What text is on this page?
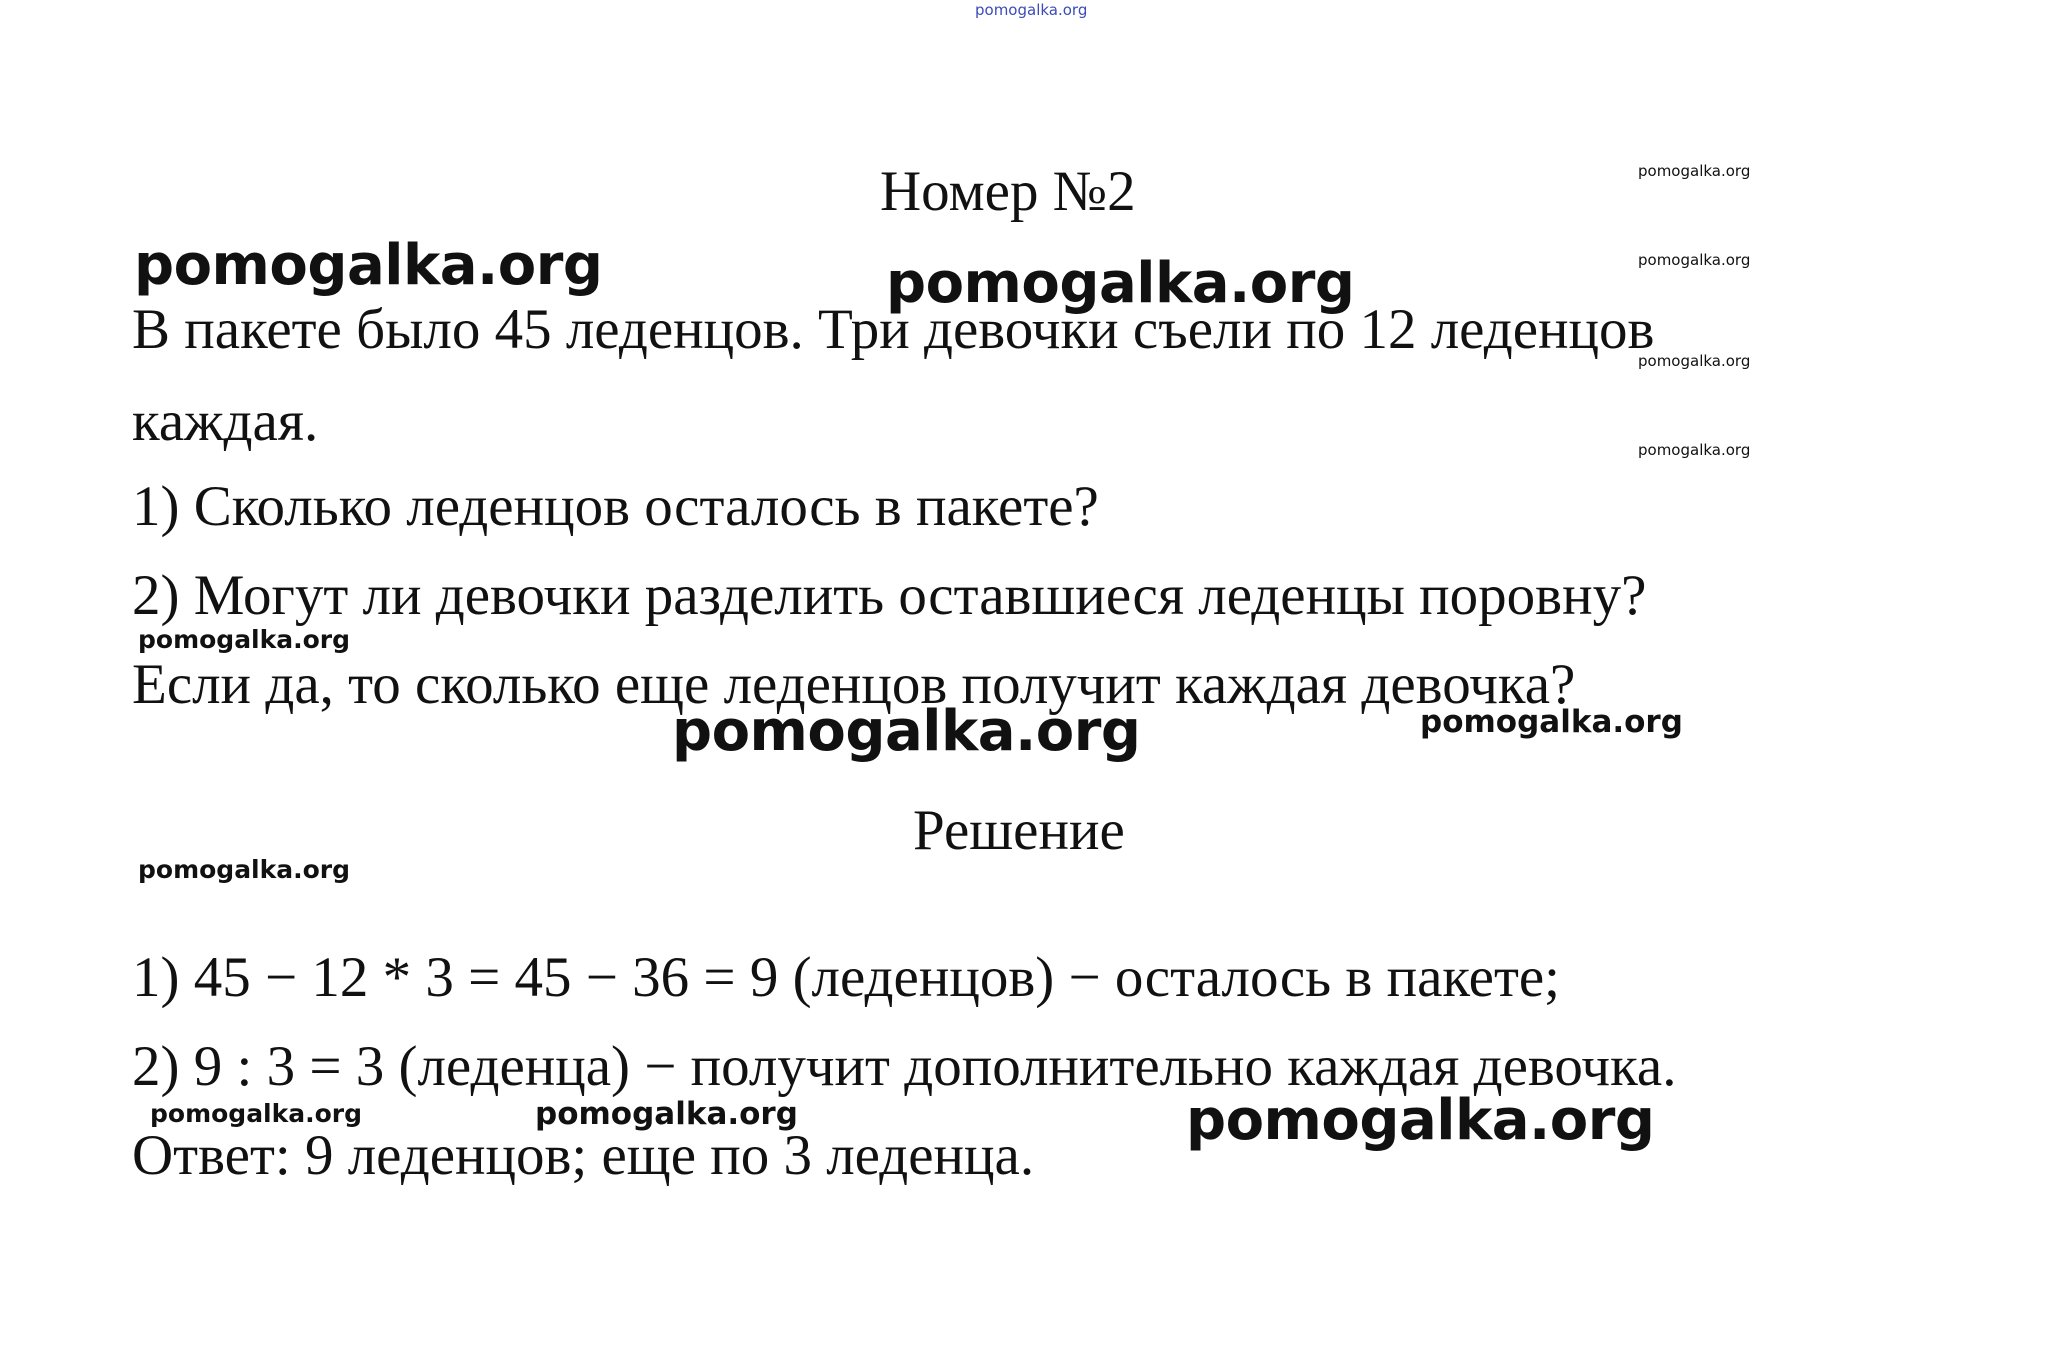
pomogalka.org
Номер №2	pomogalka.org
pomogalka.org
pomogalka.org
pomogalka.org
pomogalka.org	pomogalka.org
В пакете было 45 леденцов. Три девочки съели по 12 леденцов
каждая.
1) Сколько леденцов осталось в пакете?
2) Могут ли девочки разделить оставшиеся леденцы поровну?
pomogalka.org
Если да, то сколько еще леденцов получит каждая девочка?
pomogalka.org	pomogalka.org
Решение
pomogalka.org
1) 45 − 12 * 3 = 45 − 36 = 9 (леденцов) − осталось в пакете;
2) 9 : 3 = 3 (леденца) − получит дополнительно каждая девочка.
pomogalka.org	pomogalka.org
Ответ: 9 леденцов; еще по 3 леденца.
pomogalka.org
